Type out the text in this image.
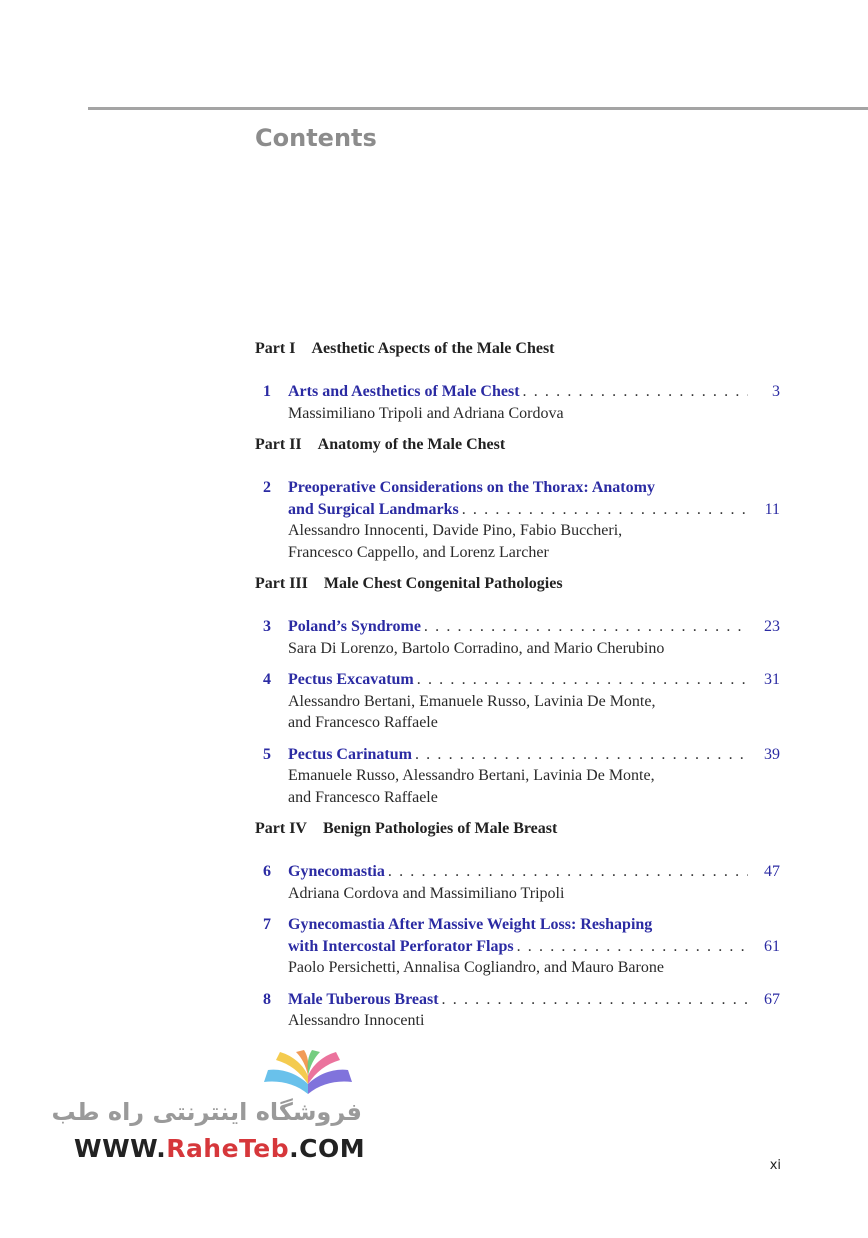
Contents
Part I Aesthetic Aspects of the Male Chest
1 Arts and Aesthetics of Male Chest . . .	3
Massimiliano Tripoli and Adriana Cordova
Part II Anatomy of the Male Chest
2 Preoperative Considerations on the Thorax: Anatomy
and Surgical Landmarks . . .	11
Alessandro Innocenti, Davide Pino, Fabio Buccheri,
Francesco Cappello, and Lorenz Larcher
Part III Male Chest Congenital Pathologies
3 Poland’s Syndrome . . .	23
Sara Di Lorenzo, Bartolo Corradino, and Mario Cherubino
4 Pectus Excavatum . . .	31
Alessandro Bertani, Emanuele Russo, Lavinia De Monte,
and Francesco Raffaele
5 Pectus Carinatum . . .	39
Emanuele Russo, Alessandro Bertani, Lavinia De Monte,
and Francesco Raffaele
Part IV Benign Pathologies of Male Breast
6 Gynecomastia . . .	47
Adriana Cordova and Massimiliano Tripoli
7 Gynecomastia After Massive Weight Loss: Reshaping
with Intercostal Perforator Flaps . . .	61
Paolo Persichetti, Annalisa Cogliandro, and Mauro Barone
8 Male Tuberous Breast . . .	67
Alessandro Innocenti
xi
فروشگاه اینترنتی راه طب
WWW.RaheTeb.COM
